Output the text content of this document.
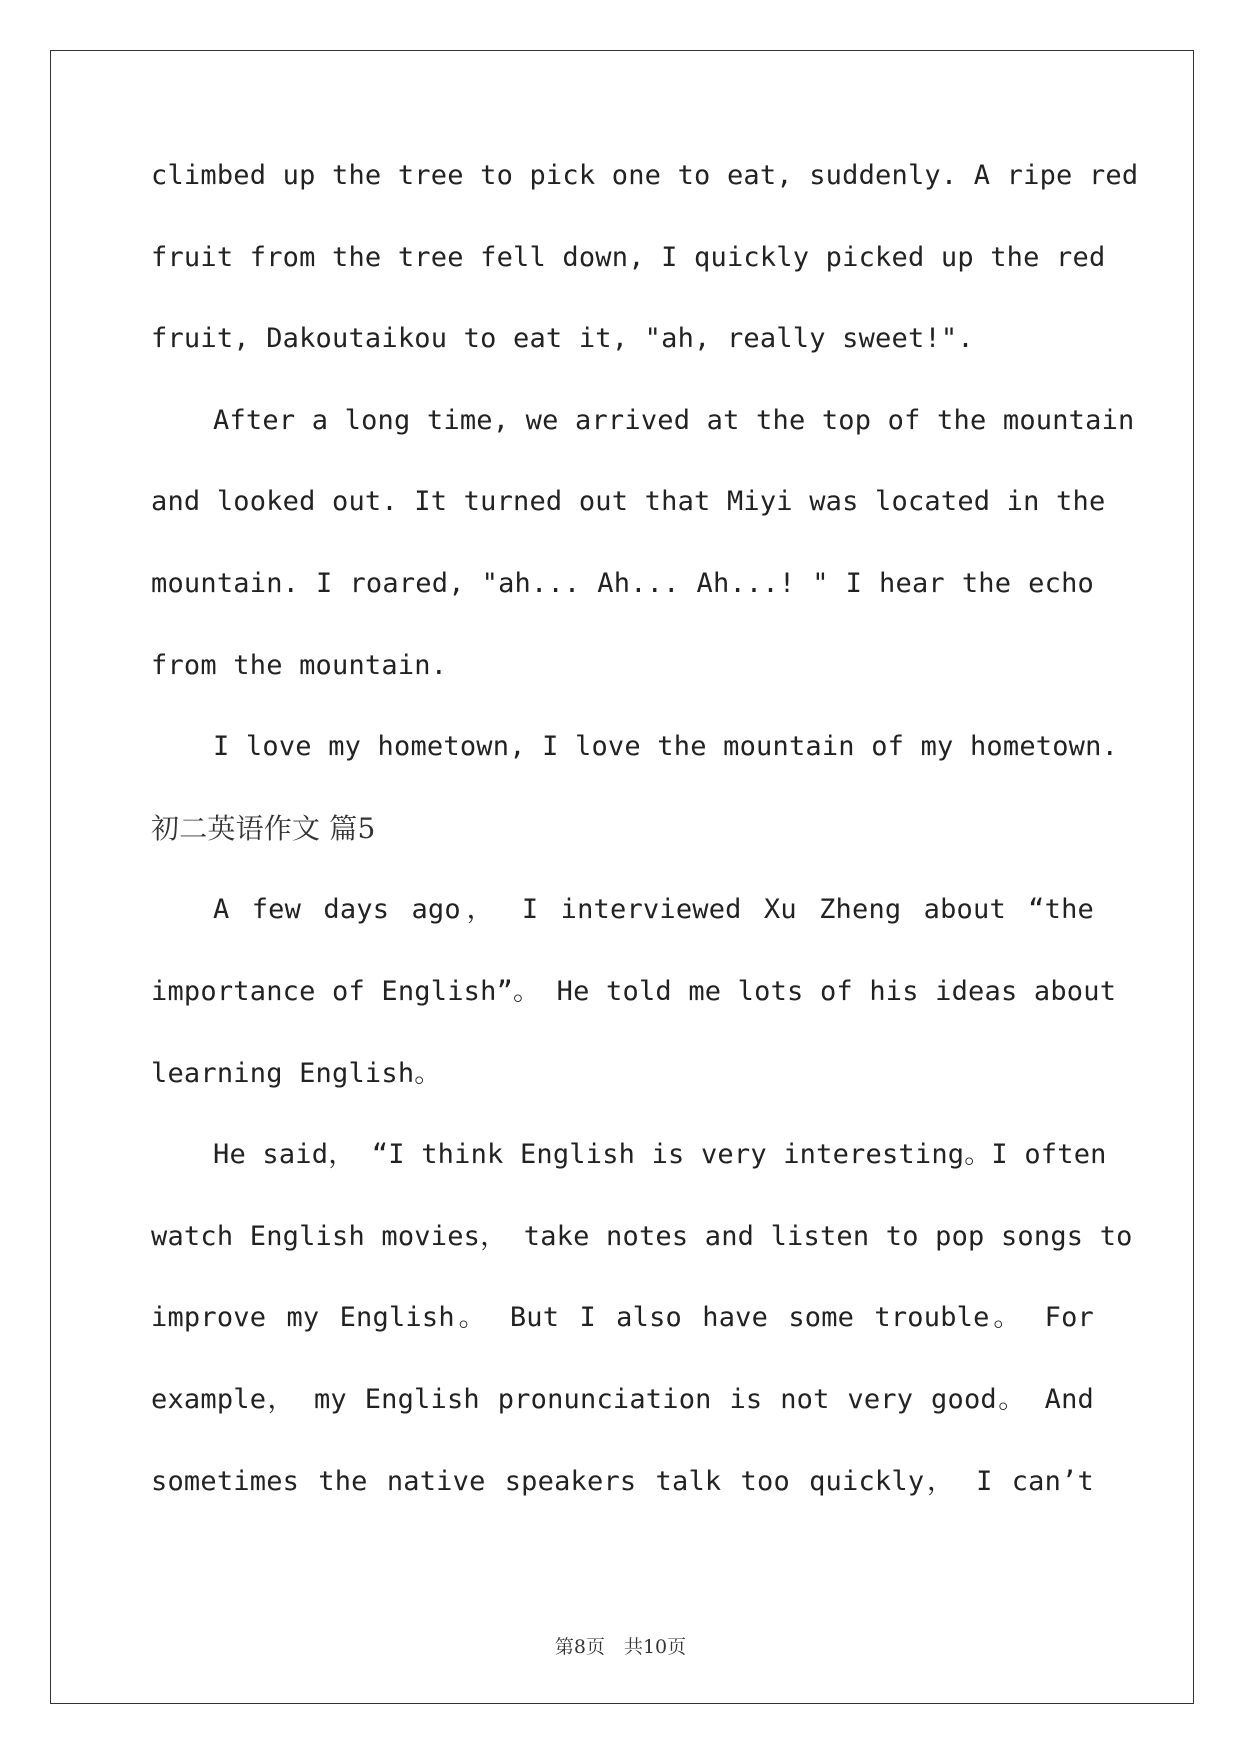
climbed up the tree to pick one to eat, suddenly. A ripe red
fruit from the tree fell down, I quickly picked up the red
fruit, Dakoutaikou to eat it, "ah, really sweet!".
After a long time, we arrived at the top of the mountain
and looked out. It turned out that Miyi was located in the
mountain. I roared, "ah... Ah... Ah...! " I hear the echo
from the mountain.
I love my hometown, I love the mountain of my hometown.
初二英语作文 篇5
A few days ago， I interviewed Xu Zheng about “the
importance of English”。 He told me lots of his ideas about
learning English。
He said， “I think English is very interesting。I often
watch English movies， take notes and listen to pop songs to
improve my English。 But I also have some trouble。 For
example， my English pronunciation is not very good。 And
sometimes the native speakers talk too quickly， I can’t
第8页　共10页
